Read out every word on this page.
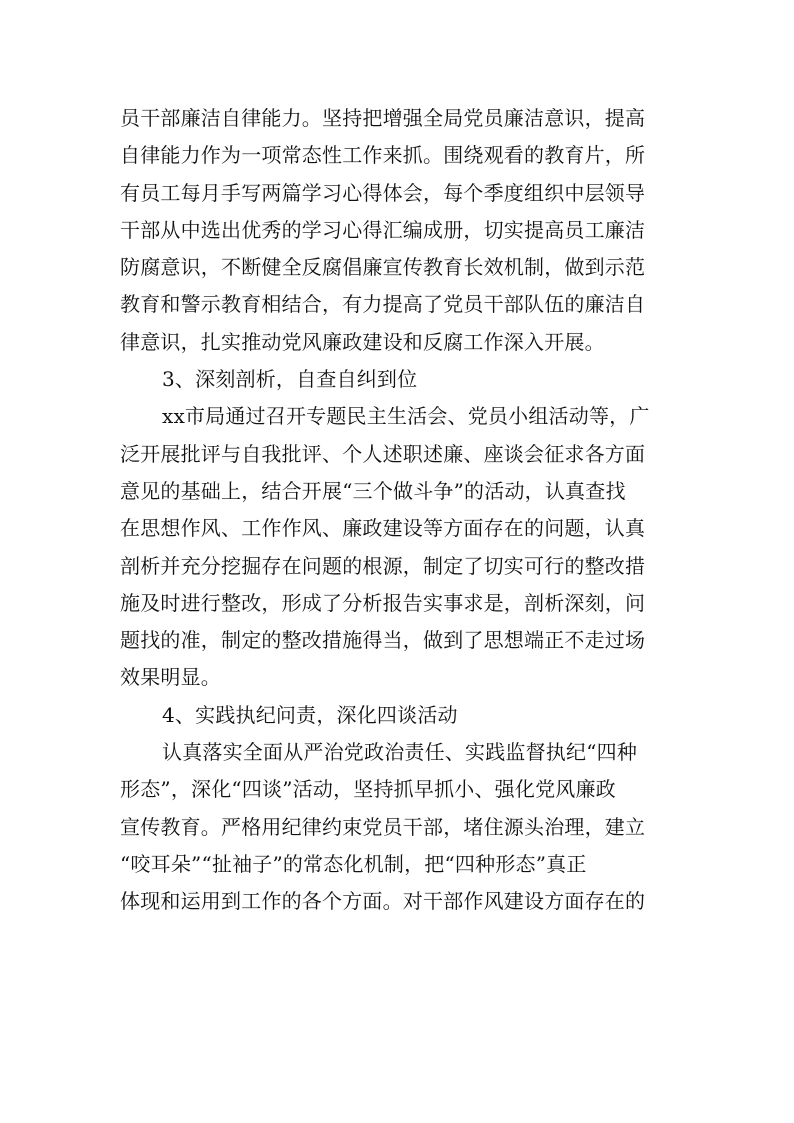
员干部廉洁自律能力。坚持把增强全局党员廉洁意识，提高
自律能力作为一项常态性工作来抓。围绕观看的教育片，所
有员工每月手写两篇学习心得体会，每个季度组织中层领导
干部从中选出优秀的学习心得汇编成册，切实提高员工廉洁
防腐意识，不断健全反腐倡廉宣传教育长效机制，做到示范
教育和警示教育相结合，有力提高了党员干部队伍的廉洁自
律意识，扎实推动党风廉政建设和反腐工作深入开展。
3、深刻剖析，自查自纠到位
xx市局通过召开专题民主生活会、党员小组活动等，广
泛开展批评与自我批评、个人述职述廉、座谈会征求各方面
意见的基础上，结合开展“三个做斗争”的活动，认真查找
在思想作风、工作作风、廉政建设等方面存在的问题，认真
剖析并充分挖掘存在问题的根源，制定了切实可行的整改措
施及时进行整改，形成了分析报告实事求是，剖析深刻，问
题找的准，制定的整改措施得当，做到了思想端正不走过场
效果明显。
4、实践执纪问责，深化四谈活动
认真落实全面从严治党政治责任、实践监督执纪“四种
形态”，深化“四谈”活动，坚持抓早抓小、强化党风廉政
宣传教育。严格用纪律约束党员干部，堵住源头治理，建立
“咬耳朵”“扯袖子”的常态化机制，把“四种形态”真正
体现和运用到工作的各个方面。对干部作风建设方面存在的
